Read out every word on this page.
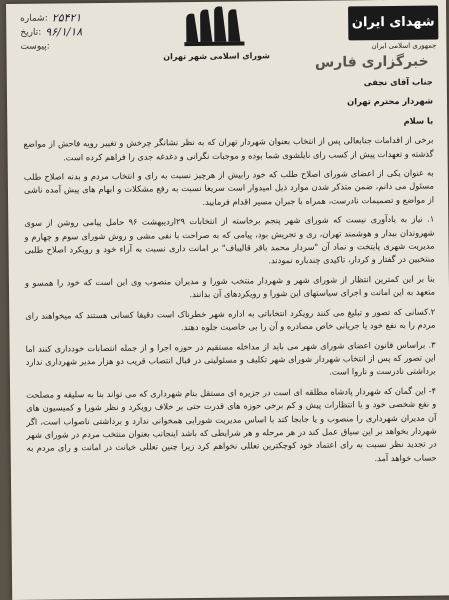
شماره: ۲۵۴۲۱
تاریخ: ۹۶/۱/۱۸
پیوست:
شورای اسلامی شهر تهران
شهدای ایران
جمهوری اسلامی ایران
خبرگزاری فارس

جناب آقای نجفی

شهردار محترم تهران

با سلام

برخی از اقدامات جنابعالی پس از انتخاب بعنوان شهردار تهران که به نظر نشانگر چرخش و تغییر رویه فاحش از مواضع گذشته و تعهدات پیش از کسب رای نایلشوی شما بوده و موجبات نگرانی و دغدغه جدی را فراهم کرده است.

به عنوان یکی از اعضای شورای اصلاح طلب که خود رابیش از هرچیز نسبت به رای و انتخاب مردم و بدنه اصلاح طلب مسئول می دانم، ضمن متذکر شدن موارد ذیل امیدوار است سریعا نسبت به رفع مشکلات و ابهام های پیش آمده ناشی از مواضع و تصمیمات نادرست، همراه با جبران مسیر اقدام فرمایید.

۱. نیاز به یادآوری نیست که شورای شهر پنجم برخاسته از انتخابات ۲۹اردیبهشت ۹۶ حامل پیامی روشن از سوی شهروندان بیدار و هوشمند تهران، ری و تجریش بود، پیامی که به صراحت با نفی مشی و روش شورای سوم و چهارم و مدیریت شهری پایتخت و نماد آن "سردار محمد باقر قالیباف" بر امانت داری نسبت به آراء خود و رویکرد اصلاح طلبی منتخبین در گفتار و کردار، تاکیدی چندباره نمودند.

بنا بر این کمترین انتظار از شورای شهر و شهردار منتخب شورا و مدیران منصوب وی این است که خود را همسو و متعهد به این امانت و اجرای سیاستهای این شورا و رویکردهای آن بدانند.

۲.کسانی که تصور و تبلیغ می کنند رویکرد انتخاباتی به اداره شهر خطرناک است دقیقا کسانی هستند که میخواهند رای مردم را به نفع خود یا جریانی خاص مصادره و آن را بی خاصیت جلوه دهند.

۳. براساس قانون اعضای شورای شهر می باید از مداخله مستقیم در حوزه اجرا و از جمله انتصابات خودداری کنند اما این تصور که پس از انتخاب شهردار شورای شهر تکلیف و مسئولیتی در قبال انتصاب قریب دو هزار مدیر شهرداری ندارد برداشتی نادرست و ناروا است.

۴- این گمان که شهردار پادشاه مطلقه ای است در جزیره ای مستقل بنام شهرداری که می تواند بنا به سلیقه و مصلحت و نفع شخصی خود و یا انتظارات پیش و کم برخی حوزه های قدرت حتی بر خلاف رویکرد و نظر شورا و کمیسیون های آن مدیران شهرداری را منصوب و یا جابجا کند با اساس مدیریت شورایی همخوانی ندارد و برداشتی ناصواب است، اگر شهردار بخواهد بر این سیاق عمل کند در هر مرحله و هر شرایطی که باشد اینجانب بعنوان منتخب مردم در شورای شهر در تجدید نظر نسبت به رای اعتماد خود کوچکترین تعللی نخواهم کرد زیرا چنین تعللی خیانت در امانت و رای مردم به حساب خواهد آمد.
